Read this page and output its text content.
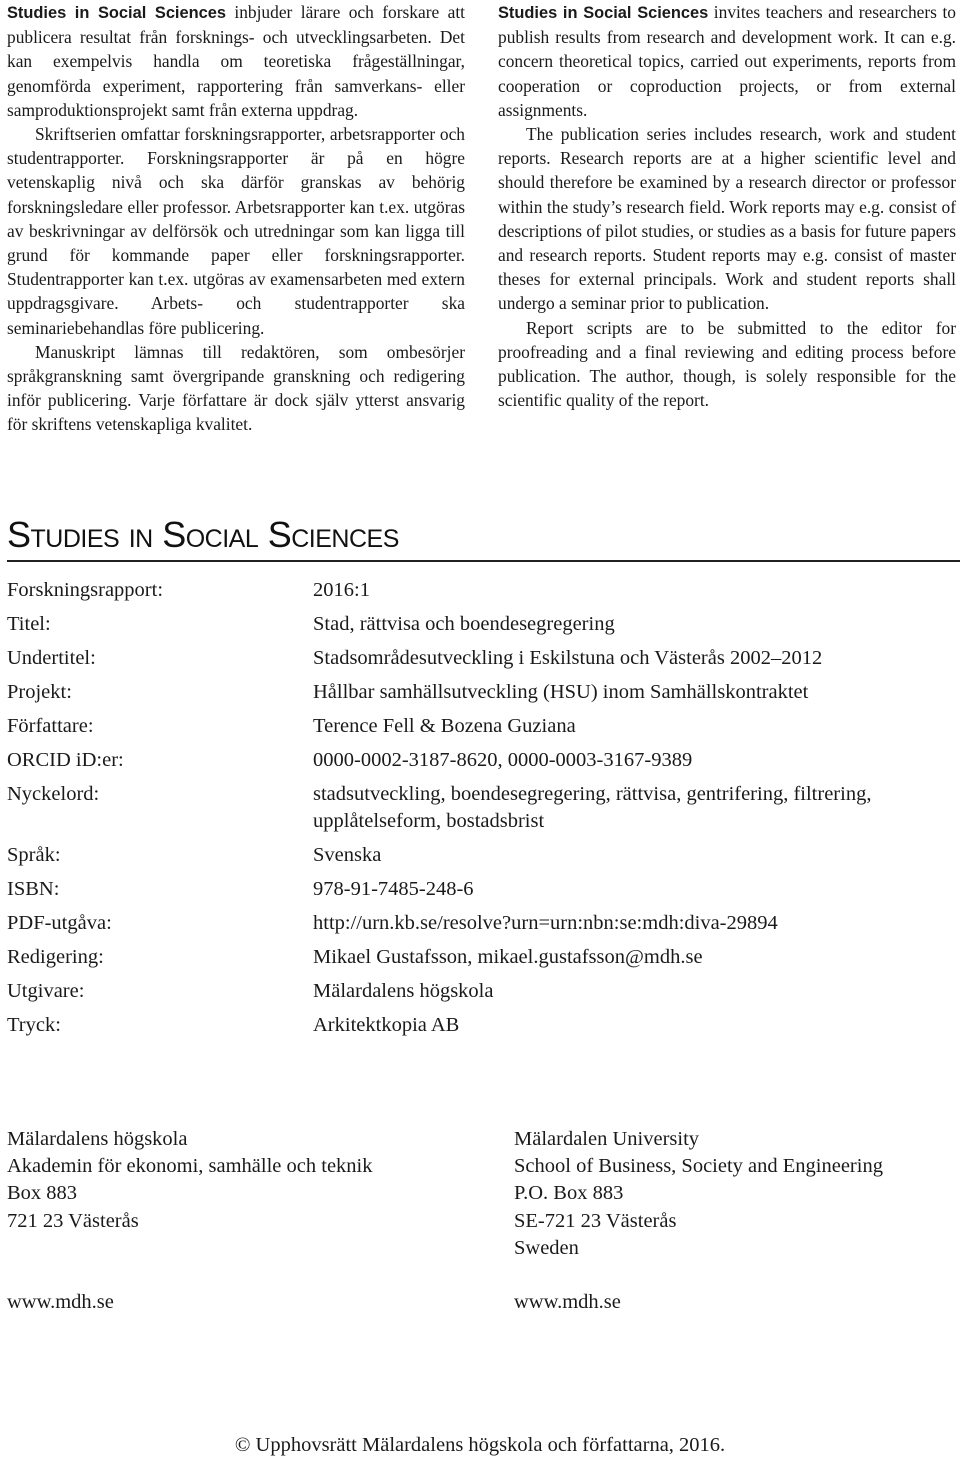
Studies in Social Sciences inbjuder lärare och forskare att publicera resultat från forsknings- och utvecklingsarbeten. Det kan exempelvis handla om teoretiska frågeställningar, genomförda experiment, rapportering från samverkans- eller samproduktionsprojekt samt från externa uppdrag.

Skriftserien omfattar forskningsrapporter, arbetsrapporter och studentrapporter. Forskningsrapporter är på en högre vetenskaplig nivå och ska därför granskas av behörig forskningsledare eller professor. Arbetsrapporter kan t.ex. utgöras av beskrivningar av delförsök och utredningar som kan ligga till grund för kommande paper eller forskningsrapporter. Studentrapporter kan t.ex. utgöras av examensarbeten med extern uppdragsgivare. Arbets- och studentrapporter ska seminariebehandlas före publicering.

Manuskript lämnas till redaktören, som ombesörjer språkgranskning samt övergripande granskning och redigering inför publicering. Varje författare är dock själv ytterst ansvarig för skriftens vetenskapliga kvalitet.

Studies in Social Sciences invites teachers and researchers to publish results from research and development work. It can e.g. concern theoretical topics, carried out experiments, reports from cooperation or coproduction projects, or from external assignments.

The publication series includes research, work and student reports. Research reports are at a higher scientific level and should therefore be examined by a research director or professor within the study’s research field. Work reports may e.g. consist of descriptions of pilot studies, or studies as a basis for future papers and research reports. Student reports may e.g. consist of master theses for external principals. Work and student reports shall undergo a seminar prior to publication.

Report scripts are to be submitted to the editor for proofreading and a final reviewing and editing process before publication. The author, though, is solely responsible for the scientific quality of the report.

Studies in Social Sciences
Forskningsrapport:	2016:1
Titel:	Stad, rättvisa och boendesegregering
Undertitel:	Stadsområdesutveckling i Eskilstuna och Västerås 2002–2012
Projekt:	Hållbar samhällsutveckling (HSU) inom Samhällskontraktet
Författare:	Terence Fell & Bozena Guziana
ORCID iD:er:	0000-0002-3187-8620, 0000-0003-3167-9389
Nyckelord:	stadsutveckling, boendesegregering, rättvisa, gentrifering, filtrering, upplåtelseform, bostadsbrist
Språk:	Svenska
ISBN:	978-91-7485-248-6
PDF-utgåva:	http://urn.kb.se/resolve?urn=urn:nbn:se:mdh:diva-29894
Redigering:	Mikael Gustafsson, mikael.gustafsson@mdh.se
Utgivare:	Mälardalens högskola
Tryck:	Arkitektkopia AB
Mälardalens högskola
Akademin för ekonomi, samhälle och teknik
Box 883
721 23 Västerås
www.mdh.se
Mälardalen University
School of Business, Society and Engineering
P.O. Box 883
SE-721 23 Västerås
Sweden
www.mdh.se
© Upphovsrätt Mälardalens högskola och författarna, 2016.
